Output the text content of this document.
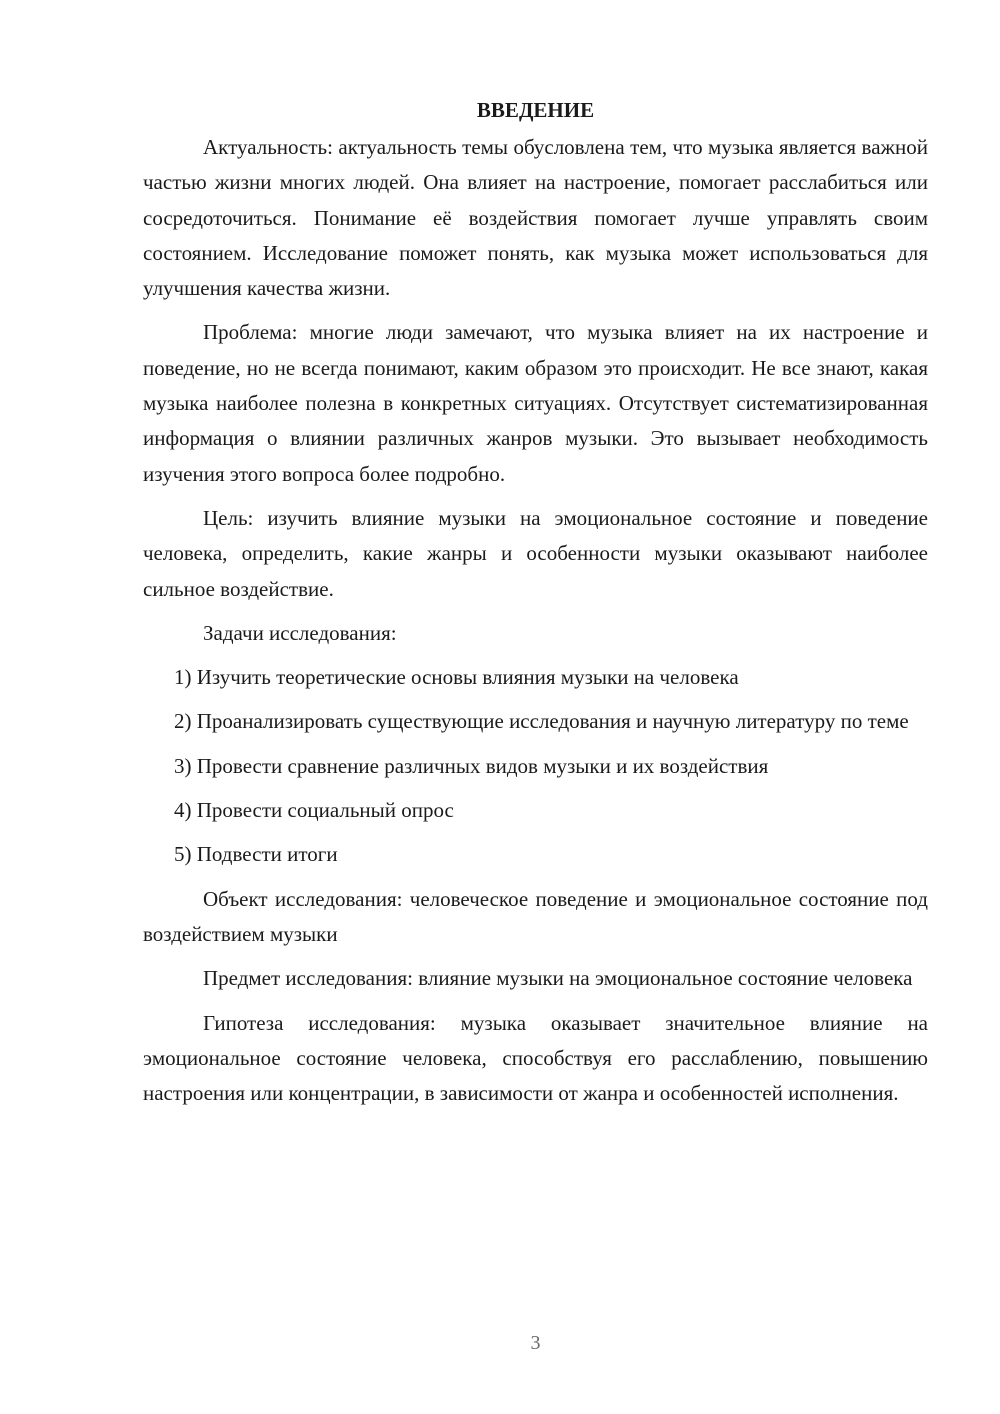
ВВЕДЕНИЕ

Актуальность: актуальность темы обусловлена тем, что музыка является важной частью жизни многих людей. Она влияет на настроение, помогает расслабиться или сосредоточиться. Понимание её воздействия помогает лучше управлять своим состоянием. Исследование поможет понять, как музыка может использоваться для улучшения качества жизни.

Проблема: многие люди замечают, что музыка влияет на их настроение и поведение, но не всегда понимают, каким образом это происходит. Не все знают, какая музыка наиболее полезна в конкретных ситуациях. Отсутствует систематизированная информация о влиянии различных жанров музыки. Это вызывает необходимость изучения этого вопроса более подробно.

Цель: изучить влияние музыки на эмоциональное состояние и поведение человека, определить, какие жанры и особенности музыки оказывают наиболее сильное воздействие.

Задачи исследования:

1) Изучить теоретические основы влияния музыки на человека

2) Проанализировать существующие исследования и научную литературу по теме

3) Провести сравнение различных видов музыки и их воздействия

4) Провести социальный опрос

5) Подвести итоги

Объект исследования: человеческое поведение и эмоциональное состояние под воздействием музыки

Предмет исследования: влияние музыки на эмоциональное состояние человека

Гипотеза исследования: музыка оказывает значительное влияние на эмоциональное состояние человека, способствуя его расслаблению, повышению настроения или концентрации, в зависимости от жанра и особенностей исполнения.

3
